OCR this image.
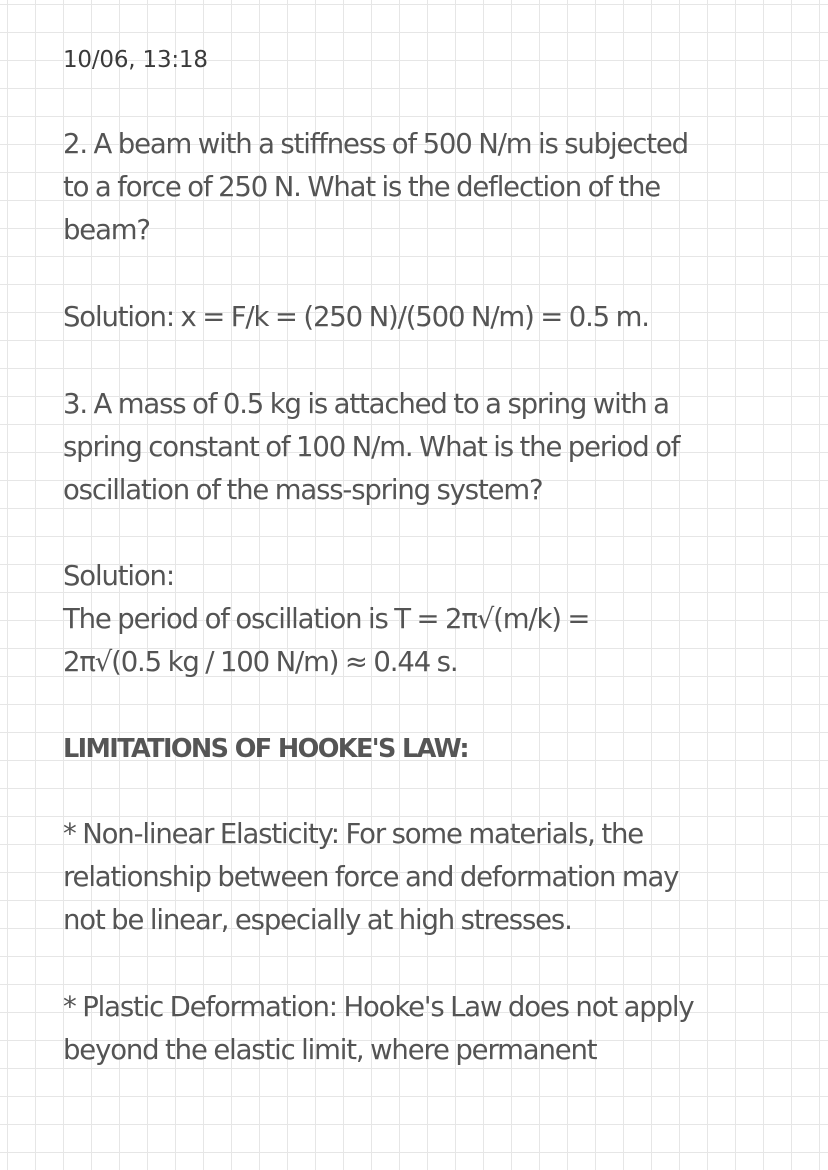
10/06, 13:18
2. A beam with a stiffness of 500 N/m is subjected
to a force of 250 N. What is the deflection of the
beam?
Solution: x = F/k = (250 N)/(500 N/m) = 0.5 m.
3. A mass of 0.5 kg is attached to a spring with a
spring constant of 100 N/m. What is the period of
oscillation of the mass-spring system?
Solution:
The period of oscillation is T = 2π√(m/k) =
2π√(0.5 kg / 100 N/m) ≈ 0.44 s.
LIMITATIONS OF HOOKE'S LAW:
* Non-linear Elasticity: For some materials, the
relationship between force and deformation may
not be linear, especially at high stresses.
* Plastic Deformation: Hooke's Law does not apply
beyond the elastic limit, where permanent
